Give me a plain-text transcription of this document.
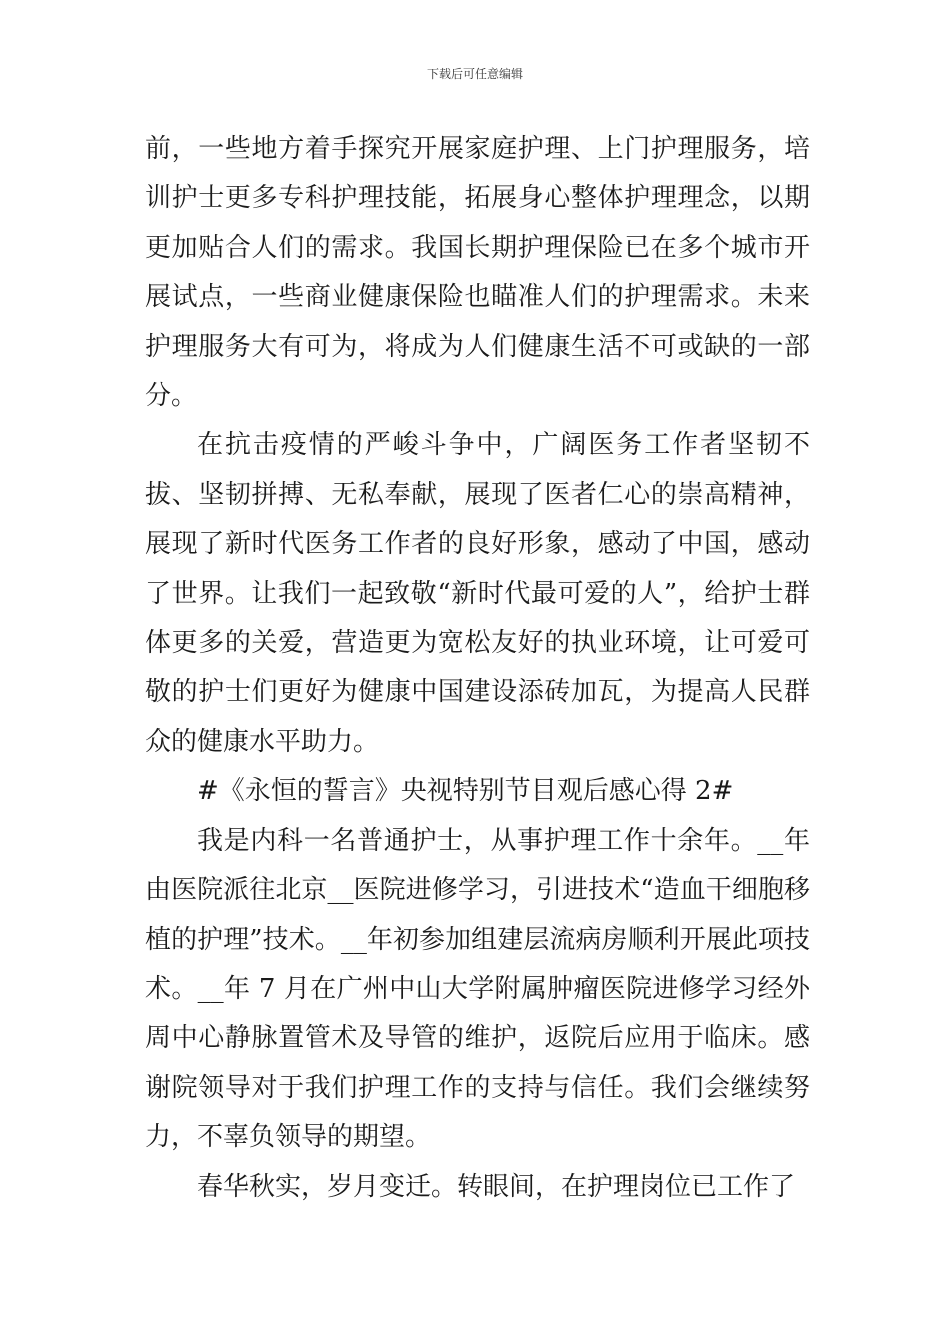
下载后可任意编辑

前，一些地方着手探究开展家庭护理、上门护理服务，培训护士更多专科护理技能，拓展身心整体护理理念，以期更加贴合人们的需求。我国长期护理保险已在多个城市开展试点，一些商业健康保险也瞄准人们的护理需求。未来护理服务大有可为，将成为人们健康生活不可或缺的一部分。

在抗击疫情的严峻斗争中，广阔医务工作者坚韧不拔、坚韧拼搏、无私奉献，展现了医者仁心的崇高精神，展现了新时代医务工作者的良好形象，感动了中国，感动了世界。让我们一起致敬“新时代最可爱的人”，给护士群体更多的关爱，营造更为宽松友好的执业环境，让可爱可敬的护士们更好为健康中国建设添砖加瓦，为提高人民群众的健康水平助力。

#《永恒的誓言》央视特别节目观后感心得 2#

我是内科一名普通护士，从事护理工作十余年。__年由医院派往北京__医院进修学习，引进技术“造血干细胞移植的护理”技术。__年初参加组建层流病房顺利开展此项技术。__年 7 月在广州中山大学附属肿瘤医院进修学习经外周中心静脉置管术及导管的维护，返院后应用于临床。感谢院领导对于我们护理工作的支持与信任。我们会继续努力，不辜负领导的期望。

春华秋实，岁月变迁。转眼间，在护理岗位已工作了
